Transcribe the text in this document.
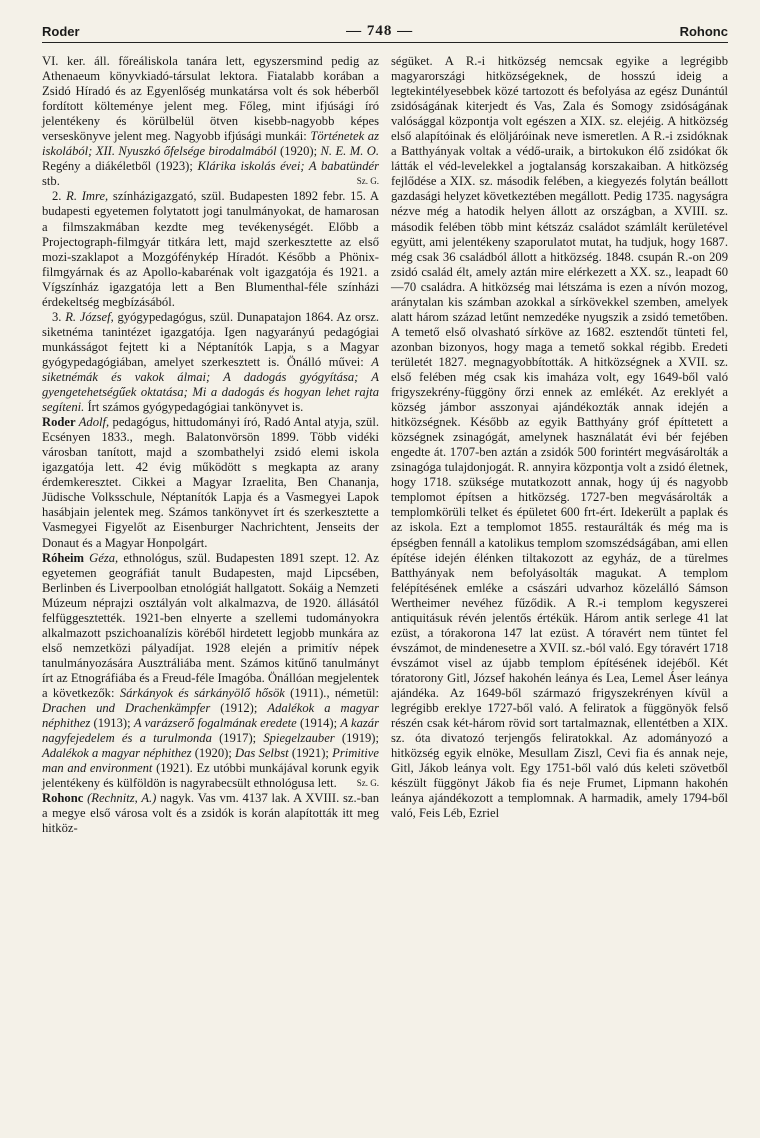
Roder	— 748 —	Rohonc

VI. ker. áll. főreáliskola tanára lett, egyszersmind pedig az Athenaeum könyvkiadó-társulat lektora. Fiatalabb korában a Zsidó Híradó és az Egyenlőség munkatársa volt és sok héberből fordított költeménye jelent meg. Főleg, mint ifjúsági író jelentékeny és körülbelül ötven kisebb-nagyobb képes verseskönyve jelent meg. Nagyobb ifjúsági munkái: Történetek az iskolából; XII. Nyuszkó őfelsége birodalmából (1920); N. E. M. O. Regény a diákéletből (1923); Klárika iskolás évei; A babatündér stb.	Sz. G.

2. R. Imre, színházigazgató, szül. Budapesten 1892 febr. 15. A budapesti egyetemen folytatott jogi tanulmányokat, de hamarosan a filmszakmában kezdte meg tevékenységét. Előbb a Projectograph-filmgyár titkára lett, majd szerkesztette az első mozi-szaklapot a Mozgófénykép Híradót. Később a Phönix-filmgyárnak és az Apollo-kabarénak volt igazgatója és 1921. a Vígszínház igazgatója lett a Ben Blumenthal-féle színházi érdekeltség megbízásából.

3. R. József, gyógypedagógus, szül. Dunapatajon 1864. Az orsz. siketnéma tanintézet igazgatója. Igen nagyarányú pedagógiai munkásságot fejtett ki a Néptanítók Lapja, s a Magyar gyógypedagógiában, amelyet szerkesztett is. Önálló művei: A siketnémák és vakok álmai; A dadogás gyógyítása; A gyengetehetségűek oktatása; Mi a dadogás és hogyan lehet rajta segíteni. Írt számos gyógypedagógiai tankönyvet is.

Roder Adolf, pedagógus, hittudományi író, Radó Antal atyja, szül. Ecsényen 1833., megh. Balatonvörsön 1899. Több vidéki városban tanított, majd a szombathelyi zsidó elemi iskola igazgatója lett. 42 évig működött s megkapta az arany érdemkeresztet. Cikkei a Magyar Izraelita, Ben Chananja, Jüdische Volksschule, Néptanítók Lapja és a Vasmegyei Lapok hasábjain jelentek meg. Számos tankönyvet írt és szerkesztette a Vasmegyei Figyelőt az Eisenburger Nachrichtent, Jenseits der Donaut és a Magyar Honpolgárt.

Róheim Géza, ethnológus, szül. Budapesten 1891 szept. 12. Az egyetemen geográfiát tanult Budapesten, majd Lipcsében, Berlinben és Liverpoolban etnológiát hallgatott. Sokáig a Nemzeti Múzeum néprajzi osztályán volt alkalmazva, de 1920. állásától felfüggesztették. 1921-ben elnyerte a szellemi tudományokra alkalmazott pszichoanalízis köréből hirdetett legjobb munkára az első nemzetközi pályadíjat. 1928 elején a primitív népek tanulmányozására Ausztráliába ment. Számos kitűnő tanulmányt írt az Etnográfiába és a Freud-féle Imagóba. Önállóan megjelentek a következők: Sárkányok és sárkányölő hősök (1911)., németül: Drachen und Drachenkämpfer (1912); Adalékok a magyar néphithez (1913); A varázserő fogalmának eredete (1914); A kazár nagyfejedelem és a turulmonda (1917); Spiegelzauber (1919); Adalékok a magyar néphithez (1920); Das Selbst (1921); Primitive man and environment (1921). Ez utóbbi munkájával korunk egyik jelentékeny és külföldön is nagyrabecsült ethnológusa lett. Sz. G.

Rohonc (Rechnitz, A.) nagyk. Vas vm. 4137 lak. A XVIII. sz.-ban a megye első városa volt és a zsidók is korán alapították itt meg hitköz-

ségüket. A R.-i hitközség nemcsak egyike a legrégibb magyarországi hitközségeknek, de hosszú ideig a legtekintélyesebbek közé tartozott és befolyása az egész Dunántúl zsidóságának kiterjedt és Vas, Zala és Somogy zsidóságának valósággal központja volt egészen a XIX. sz. elejéig. A hitközség első alapítóinak és elöljáróinak neve ismeretlen. A R.-i zsidóknak a Batthyányak voltak a védő-uraik, a birtokukon élő zsidókat ők látták el véd-levelekkel a jogtalanság korszakaiban. A hitközség fejlődése a XIX. sz. második felében, a kiegyezés folytán beállott gazdasági helyzet következtében megállott. Pedig 1735. nagyságra nézve még a hatodik helyen állott az országban, a XVIII. sz. második felében több mint kétszáz családot számlált kerületével együtt, ami jelentékeny szaporulatot mutat, ha tudjuk, hogy 1687. még csak 36 családból állott a hitközség. 1848. csupán R.-on 209 zsidó család élt, amely aztán mire elérkezett a XX. sz., leapadt 60—70 családra. A hitközség mai létszáma is ezen a nívón mozog, aránytalan kis számban azokkal a sírkövekkel szemben, amelyek alatt három század letűnt nemzedéke nyugszik a zsidó temetőben. A temető első olvasható sírköve az 1682. esztendőt tünteti fel, azonban bizonyos, hogy maga a temető sokkal régibb. Eredeti területét 1827. megnagyobbították. A hitközségnek a XVII. sz. első felében még csak kis imaháza volt, egy 1649-ből való frigyszekrény-függöny őrzi ennek az emlékét. Az ereklyét a község jámbor asszonyai ajándékozták annak idején a hitközségnek. Később az egyik Batthyány gróf építtetett a községnek zsinagógát, amelynek használatát évi bér fejében engedte át. 1707-ben aztán a zsidók 500 forintért megvásárolták a zsinagóga tulajdonjogát. R. annyira központja volt a zsidó életnek, hogy 1718. szüksége mutatkozott annak, hogy új és nagyobb templomot építsen a hitközség. 1727-ben megvásárolták a templomkörüli telket és épületet 600 frt-ért. Idekerült a paplak és az iskola. Ezt a templomot 1855. restaurálták és még ma is épségben fennáll a katolikus templom szomszédságában, ami ellen építése idején élénken tiltakozott az egyház, de a türelmes Batthyányak nem befolyásolták magukat. A templom felépítésének emléke a császári udvarhoz közelálló Sámson Wertheimer nevéhez fűződik. A R.-i templom kegyszerei antiquitásuk révén jelentős értékük. Három antik serlege 41 lat ezüst, a tórakorona 147 lat ezüst. A tóravért nem tüntet fel évszámot, de mindenesetre a XVII. sz.-ból való. Egy tóravért 1718 évszámot visel az újabb templom építésének idejéből. Két tóratorony Gitl, József hakohén leánya és Lea, Lemel Áser leánya ajándéka. Az 1649-ből származó frigyszekrényen kívül a legrégibb ereklye 1727-ből való. A feliratok a függönyök felső részén csak két-három rövid sort tartalmaznak, ellentétben a XIX. sz. óta divatozó terjengős feliratokkal. Az adományozó a hitközség egyik elnöke, Mesullam Ziszl, Cevi fia és annak neje, Gitl, Jákob leánya volt. Egy 1751-ből való dús keleti szövetből készült függönyt Jákob fia és neje Frumet, Lipmann hakohén leánya ajándékozott a templomnak. A harmadik, amely 1794-ből való, Feis Léb, Ezriel
